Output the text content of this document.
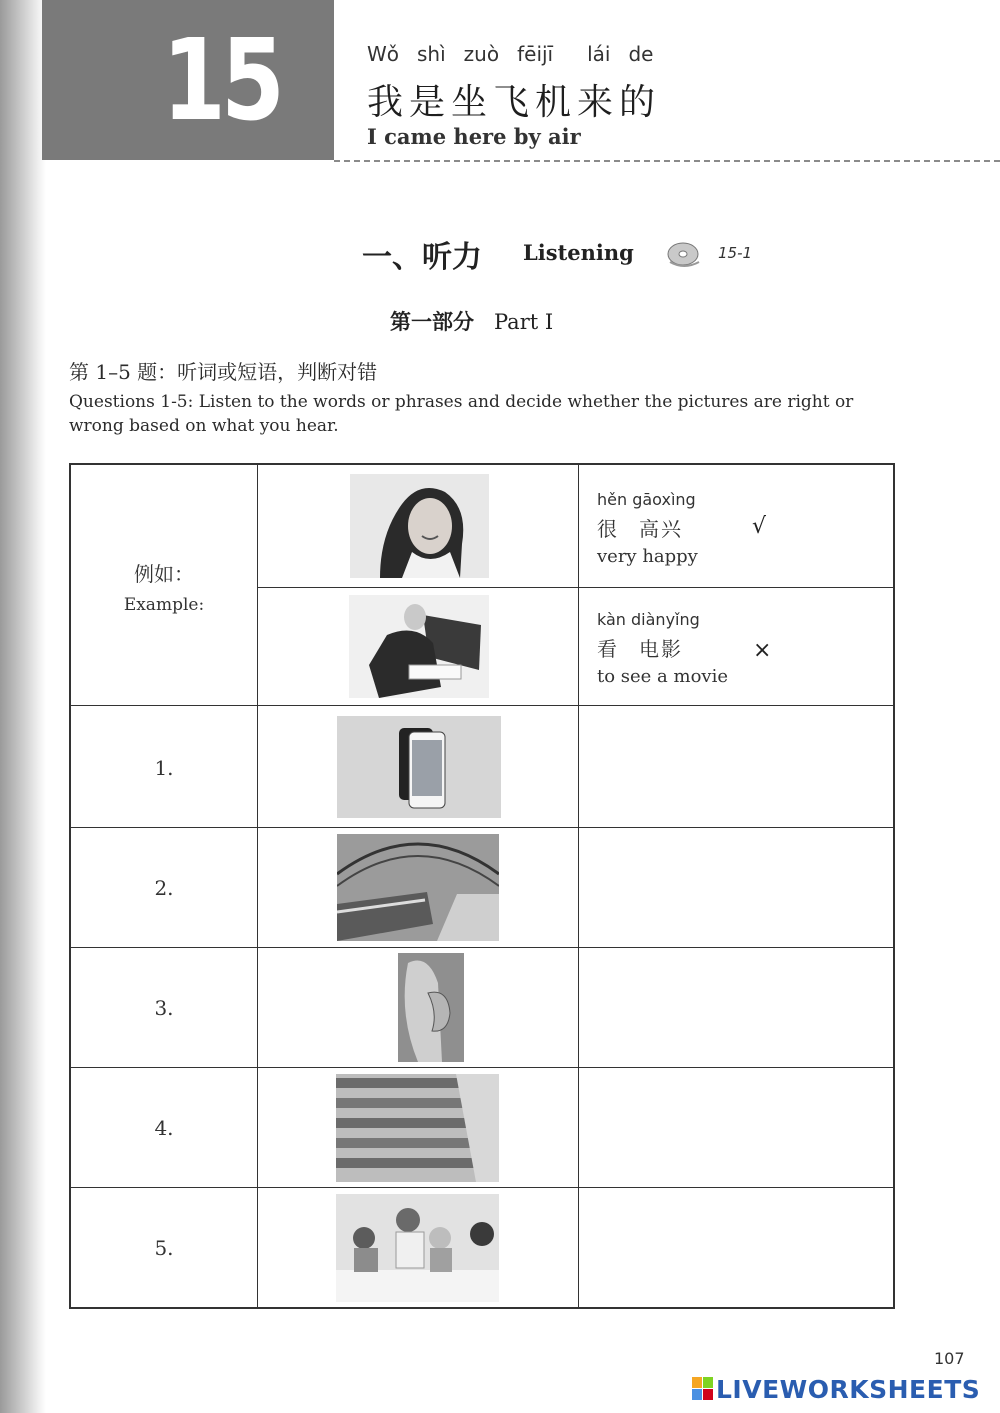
15	Wǒ shì zuò fēijī lái de
我是坐飞机来的
I came here by air
一、听力 Listening	15-1
第一部分 Part Ⅰ
第 1–5 题：听词或短语，判断对错
Questions 1-5: Listen to the words or phrases and decide whether the pictures are right or wrong based on what you hear.
例如：
Example:
hěn gāoxìng
很 高兴
very happy
√
kàn diànyǐng
看 电影
to see a movie
×
1.
2.
3.
4.
5.
107
LIVEWORKSHEETS
